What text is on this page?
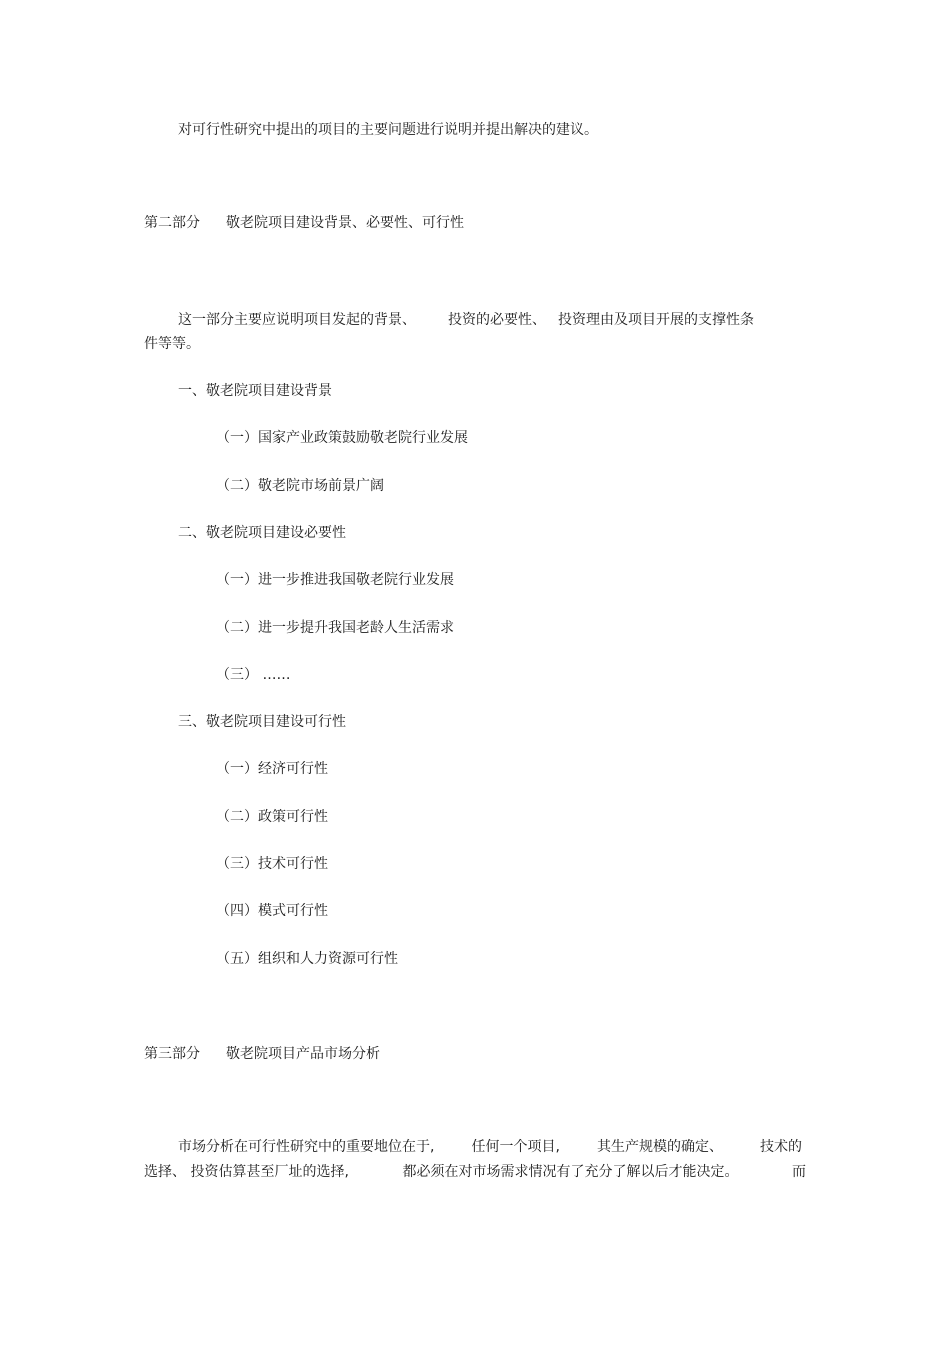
对可行性研究中提出的项目的主要问题进行说明并提出解决的建议。

第二部分 敬老院项目建设背景、必要性、可行性

这一部分主要应说明项目发起的背景、 投资的必要性、 投资理由及项目开展的支撑性条

件等等。

一、敬老院项目建设背景

（一）国家产业政策鼓励敬老院行业发展

（二）敬老院市场前景广阔

二、敬老院项目建设必要性

（一）进一步推进我国敬老院行业发展

（二）进一步提升我国老龄人生活需求

（三） ……

三、敬老院项目建设可行性

（一）经济可行性

（二）政策可行性

（三）技术可行性

（四）模式可行性

（五）组织和人力资源可行性

第三部分 敬老院项目产品市场分析

市场分析在可行性研究中的重要地位在于,	任何一个项目,	其生产规模的确定、	技术的

选择、 投资估算甚至厂址的选择,	都必须在对市场需求情况有了充分了解以后才能决定。	而
